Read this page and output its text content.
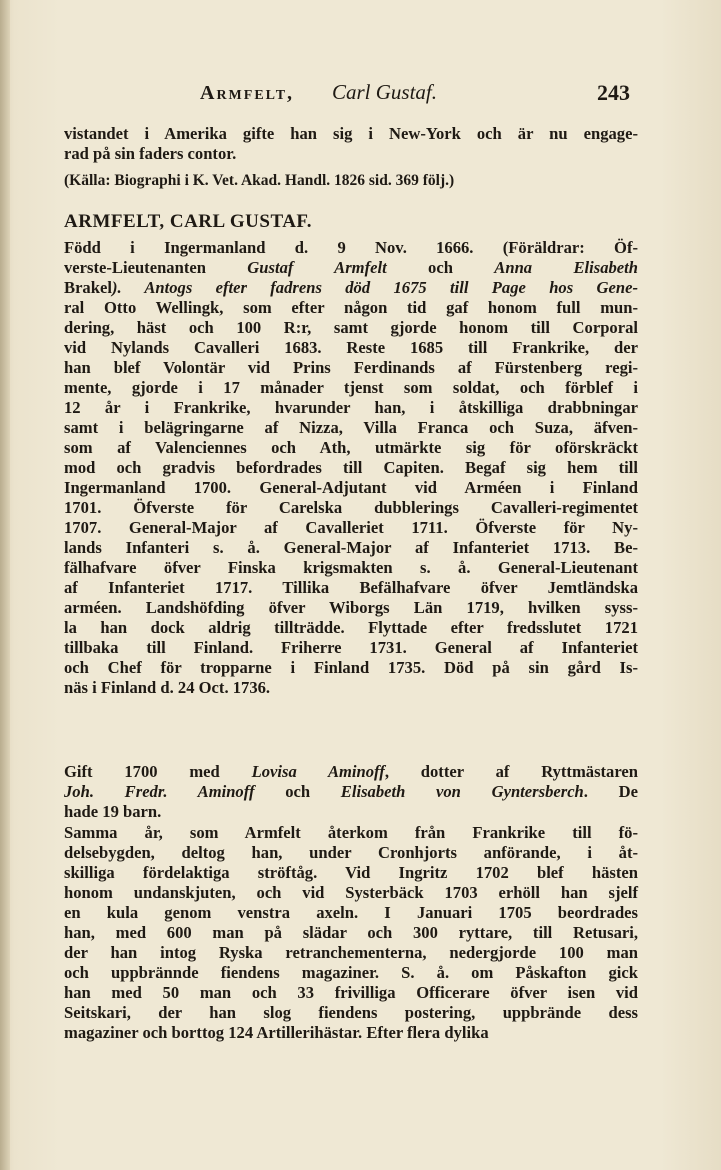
Armfelt, Carl Gustaf.	243
vistandet i Amerika gifte han sig i New-York och är nu engage-
rad på sin faders contor.
(Källa: Biographi i K. Vet. Akad. Handl. 1826 sid. 369 följ.)
ARMFELT, CARL GUSTAF.
Född i Ingermanland d. 9 Nov. 1666. (Föräldrar: Öf-
verste-Lieutenanten Gustaf Armfelt och Anna Elisabeth
Brakel). Antogs efter fadrens död 1675 till Page hos Gene-
ral Otto Wellingk, som efter någon tid gaf honom full mun-
dering, häst och 100 R:r, samt gjorde honom till Corporal
vid Nylands Cavalleri 1683. Reste 1685 till Frankrike, der
han blef Volontär vid Prins Ferdinands af Fürstenberg regi-
mente, gjorde i 17 månader tjenst som soldat, och förblef i
12 år i Frankrike, hvarunder han, i åtskilliga drabbningar
samt i belägringarne af Nizza, Villa Franca och Suza, äfven-
som af Valenciennes och Ath, utmärkte sig för oförskräckt
mod och gradvis befordrades till Capiten. Begaf sig hem till
Ingermanland 1700. General-Adjutant vid Arméen i Finland
1701. Öfverste för Carelska dubblerings Cavalleri-regimentet
1707. General-Major af Cavalleriet 1711. Öfverste för Ny-
lands Infanteri s. å. General-Major af Infanteriet 1713. Be-
fälhafvare öfver Finska krigsmakten s. å. General-Lieutenant
af Infanteriet 1717. Tillika Befälhafvare öfver Jemtländska
arméen. Landshöfding öfver Wiborgs Län 1719, hvilken syss-
la han dock aldrig tillträdde. Flyttade efter fredsslutet 1721
tillbaka till Finland. Friherre 1731. General af Infanteriet
och Chef för tropparne i Finland 1735. Död på sin gård Is-
näs i Finland d. 24 Oct. 1736.
Gift 1700 med Lovisa Aminoff, dotter af Ryttmästaren
Joh. Fredr. Aminoff och Elisabeth von Gyntersberch. De
hade 19 barn.
Samma år, som Armfelt återkom från Frankrike till fö-
delsebygden, deltog han, under Cronhjorts anförande, i åt-
skilliga fördelaktiga ströftåg. Vid Ingritz 1702 blef hästen
honom undanskjuten, och vid Systerbäck 1703 erhöll han sjelf
en kula genom venstra axeln. I Januari 1705 beordrades
han, med 600 man på slädar och 300 ryttare, till Retusari,
der han intog Ryska retranchementerna, nedergjorde 100 man
och uppbrännde fiendens magaziner. S. å. om Påskafton gick
han med 50 man och 33 frivilliga Officerare öfver isen vid
Seitskari, der han slog fiendens postering, uppbrände dess
magaziner och borttog 124 Artillerihästar. Efter flera dylika
